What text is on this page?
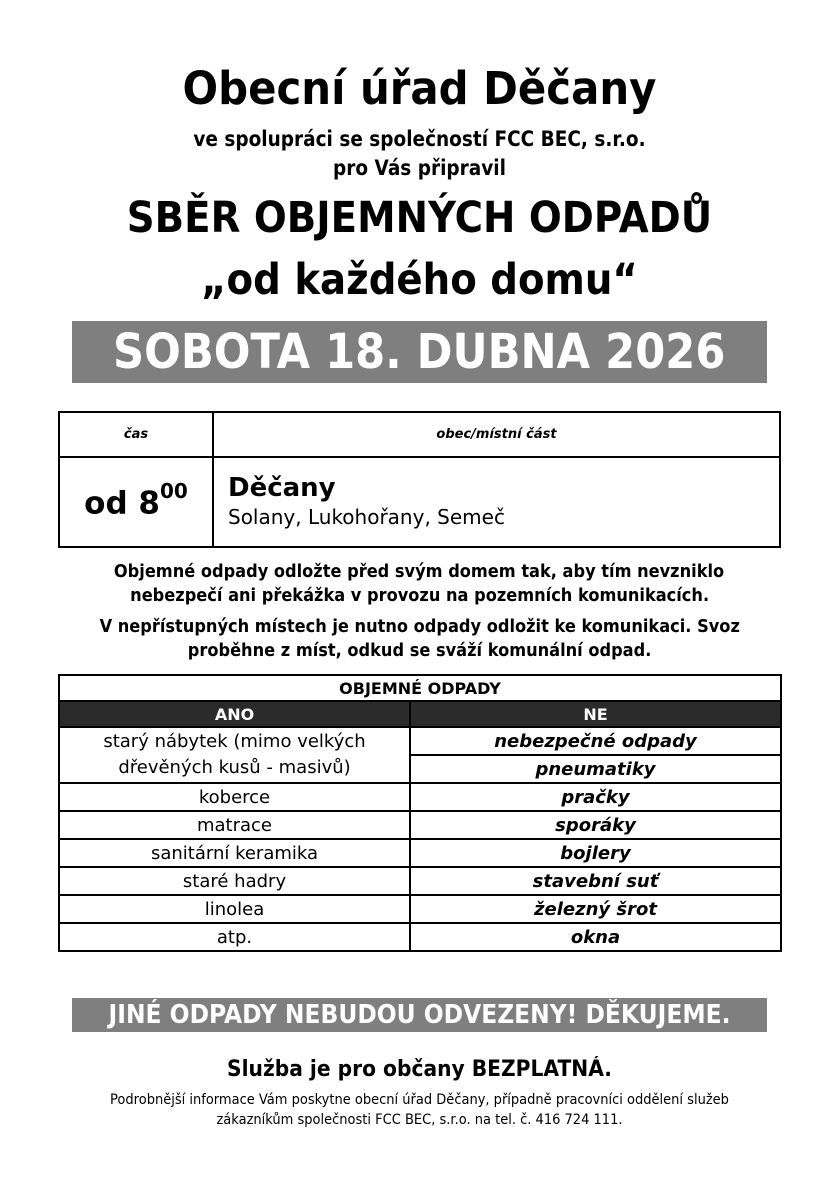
Obecní úřad Děčany
ve spolupráci se společností FCC BEC, s.r.o.
pro Vás připravil
SBĚR OBJEMNÝCH ODPADŮ
„od každého domu“
SOBOTA 18. DUBNA 2026
čas	obec/místní část
od $8^{00}$	Děčany
Solany, Lukohořany, Semeč
Objemné odpady odložte před svým domem tak, aby tím nevzniklo
nebezpečí ani překážka v provozu na pozemních komunikacích.
V nepřístupných místech je nutno odpady odložit ke komunikaci. Svoz
proběhne z míst, odkud se sváží komunální odpad.
OBJEMNÉ ODPADY	
ANO	NE
starý nábytek (mimo velkých
dřevěných kusů - masivů)	nebezpečné odpady
	pneumatiky
koberce	pračky
matrace	sporáky
sanitární keramika	bojlery
staré hadry	stavební suť
linolea	železný šrot
atp.	okna
JINÉ ODPADY NEBUDOU ODVEZENY! DĚKUJEME.
Služba je pro občany BEZPLATNÁ.
Podrobnější informace Vám poskytne obecní úřad Děčany, případně pracovníci oddělení služeb
zákazníkům společnosti FCC BEC, s.r.o. na tel. č. 416 724 111.
